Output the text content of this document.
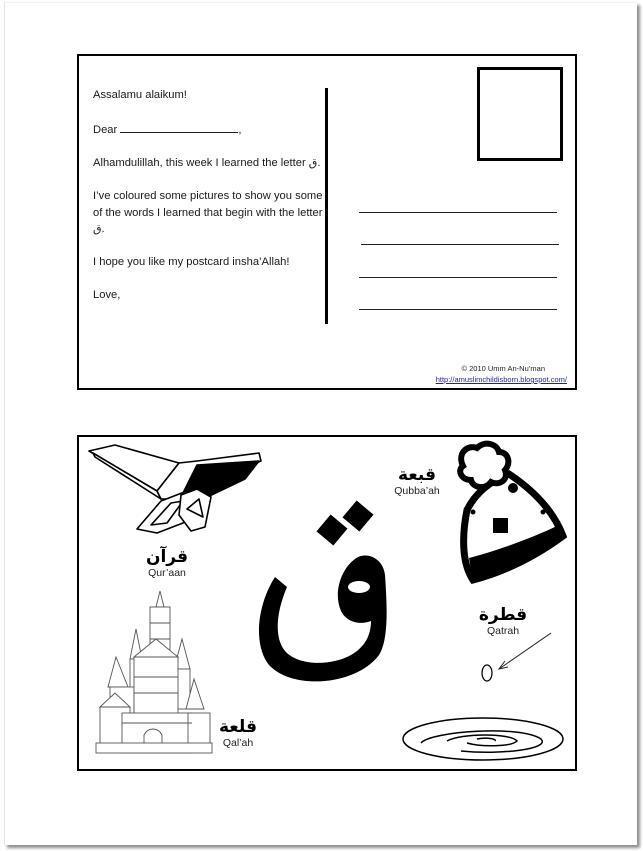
Assalamu alaikum!

Dear	,

Alhamdulillah, this week I learned the letter ق.

I’ve coloured some pictures to show you some of the words I learned that begin with the letter ق.

I hope you like my postcard insha’Allah!

Love,

© 2010 Umm An-Nu’man
http://amuslimchildisborn.blogspot.com/
قرآن
Qur’aan
قبعة
Qubba’ah
قطرة
Qatrah
قلعة
Qal’ah
